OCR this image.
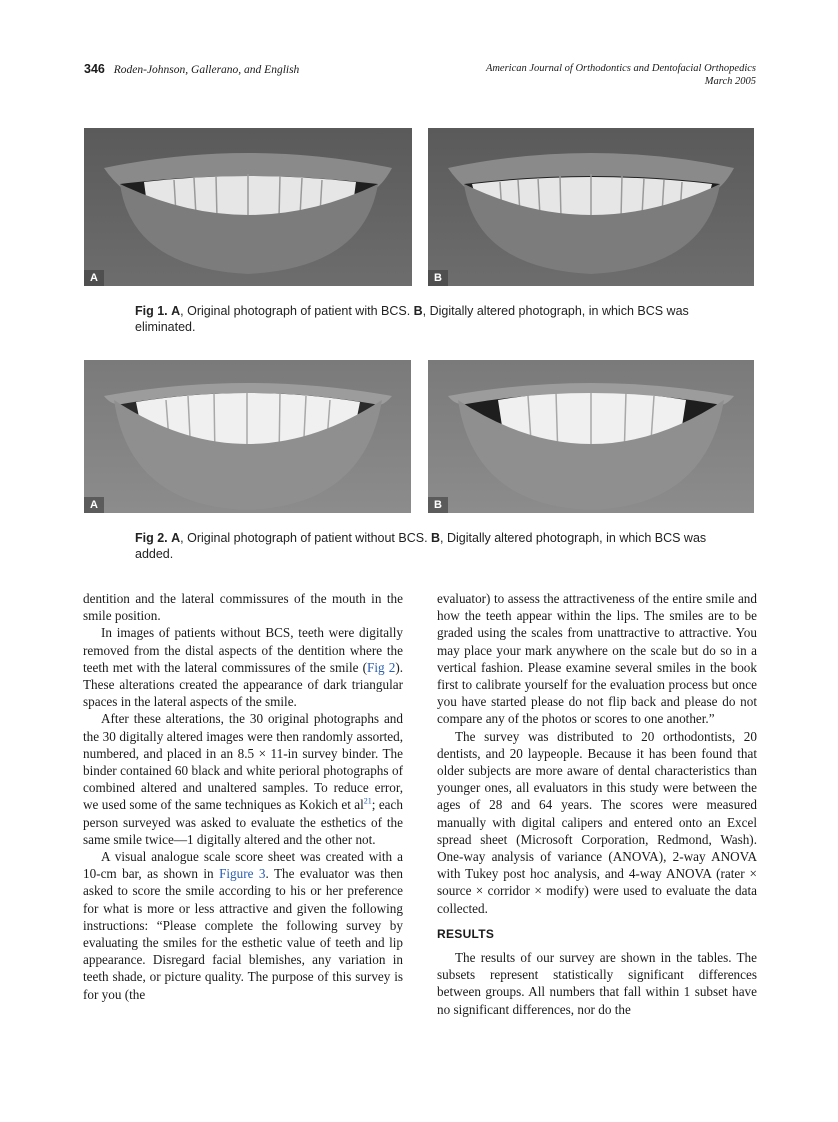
346 Roden-Johnson, Gallerano, and English	American Journal of Orthodontics and Dentofacial Orthopedics
March 2005
A	B
Fig 1. A, Original photograph of patient with BCS. B, Digitally altered photograph, in which BCS was eliminated.
A	B
Fig 2. A, Original photograph of patient without BCS. B, Digitally altered photograph, in which BCS was added.

dentition and the lateral commissures of the mouth in the smile position.

In images of patients without BCS, teeth were digitally removed from the distal aspects of the dentition where the teeth met with the lateral commissures of the smile (Fig 2). These alterations created the appearance of dark triangular spaces in the lateral aspects of the smile.

After these alterations, the 30 original photographs and the 30 digitally altered images were then randomly assorted, numbered, and placed in an 8.5 × 11-in survey binder. The binder contained 60 black and white perioral photographs of combined altered and unaltered samples. To reduce error, we used some of the same techniques as Kokich et $al^{21}$; each person surveyed was asked to evaluate the esthetics of the same smile twice—1 digitally altered and the other not.

A visual analogue scale score sheet was created with a 10-cm bar, as shown in Figure 3. The evaluator was then asked to score the smile according to his or her preference for what is more or less attractive and given the following instructions: “Please complete the following survey by evaluating the smiles for the esthetic value of teeth and lip appearance. Disregard facial blemishes, any variation in teeth shade, or picture quality. The purpose of this survey is for you (the

evaluator) to assess the attractiveness of the entire smile and how the teeth appear within the lips. The smiles are to be graded using the scales from unattractive to attractive. You may place your mark anywhere on the scale but do so in a vertical fashion. Please examine several smiles in the book first to calibrate yourself for the evaluation process but once you have started please do not flip back and please do not compare any of the photos or scores to one another.”

The survey was distributed to 20 orthodontists, 20 dentists, and 20 laypeople. Because it has been found that older subjects are more aware of dental characteristics than younger ones, all evaluators in this study were between the ages of 28 and 64 years. The scores were measured manually with digital calipers and entered onto an Excel spread sheet (Microsoft Corporation, Redmond, Wash). One-way analysis of variance (ANOVA), 2-way ANOVA with Tukey post hoc analysis, and 4-way ANOVA (rater × source × corridor × modify) were used to evaluate the data collected.

RESULTS

The results of our survey are shown in the tables. The subsets represent statistically significant differences between groups. All numbers that fall within 1 subset have no significant differences, nor do the
